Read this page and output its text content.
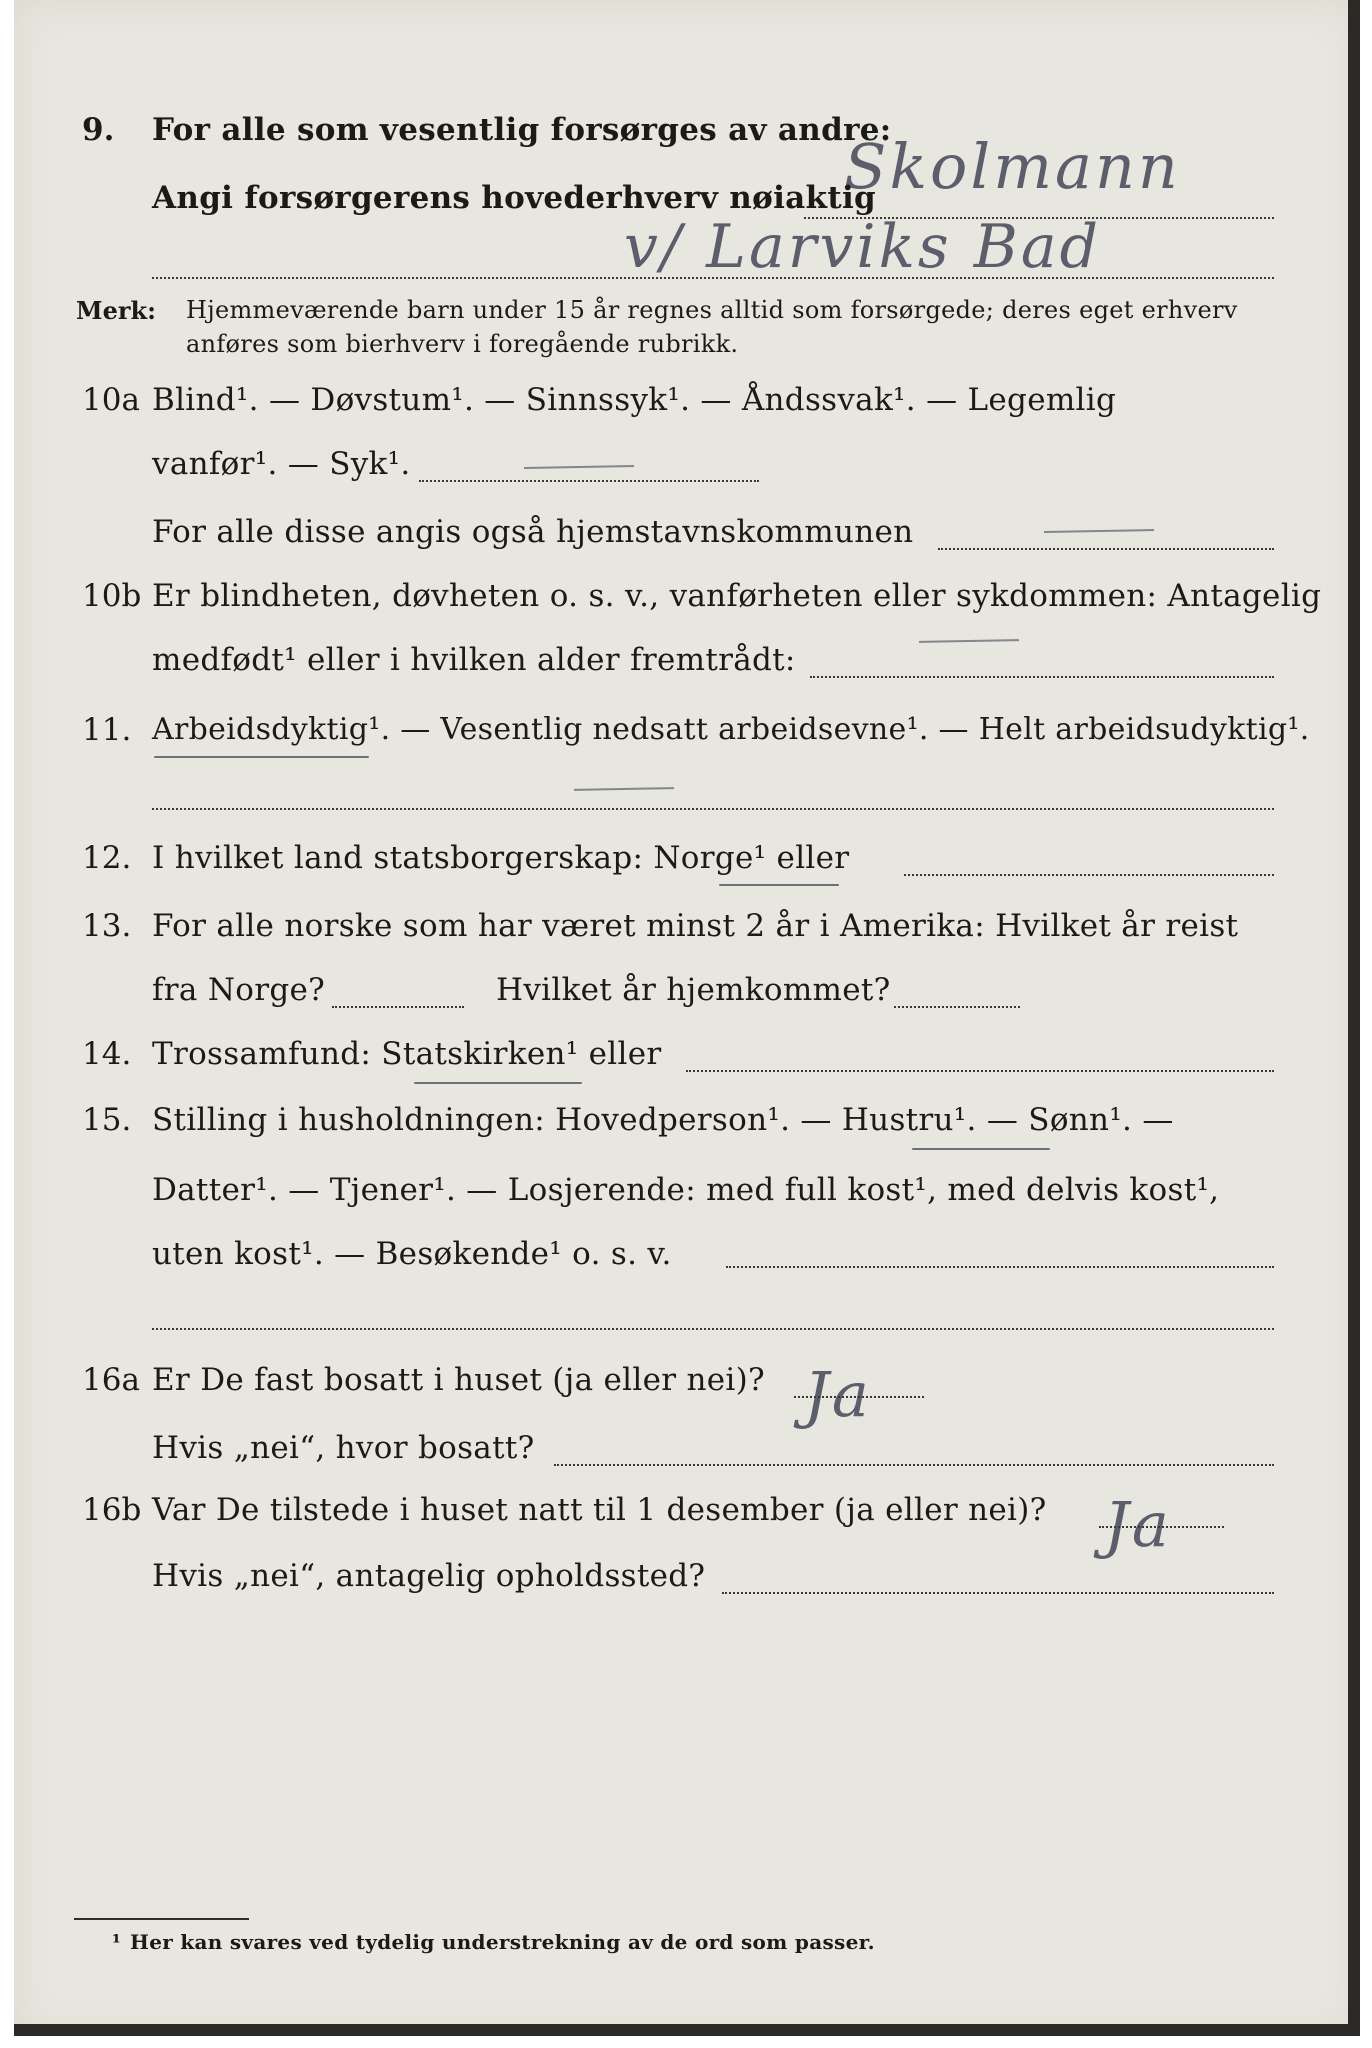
9. For alle som vesentlig forsørges av andre:
Skolmann
Angi forsørgerens hovederhverv nøiaktig
v/ Larviks Bad
Merk: Hjemmeværende barn under 15 år regnes alltid som forsørgede; deres eget erhverv
anføres som bierhverv i foregående rubrikk.
10a Blind¹. — Døvstum¹. — Sinnssyk¹. — Åndssvak¹. — Legemlig
vanfør¹. — Syk¹.
For alle disse angis også hjemstavnskommunen
10b Er blindheten, døvheten o. s. v., vanførheten eller sykdommen: Antagelig
medfødt¹ eller i hvilken alder fremtrådt:
11. Arbeidsdyktig¹. — Vesentlig nedsatt arbeidsevne¹. — Helt arbeidsudyktig¹.
12. I hvilket land statsborgerskap: Norge¹ eller
13. For alle norske som har været minst 2 år i Amerika: Hvilket år reist
fra Norge?	Hvilket år hjemkommet?
14. Trossamfund: Statskirken¹ eller
15. Stilling i husholdningen: Hovedperson¹. — Hustru¹. — Sønn¹. —
Datter¹. — Tjener¹. — Losjerende: med full kost¹, med delvis kost¹,
uten kost¹. — Besøkende¹ o. s. v.
16a Er De fast bosatt i huset (ja eller nei)? Ja
Hvis „nei“, hvor bosatt?
16b Var De tilstede i huset natt til 1 desember (ja eller nei)? Ja
Hvis „nei“, antagelig opholdssted?
¹ Her kan svares ved tydelig understrekning av de ord som passer.
